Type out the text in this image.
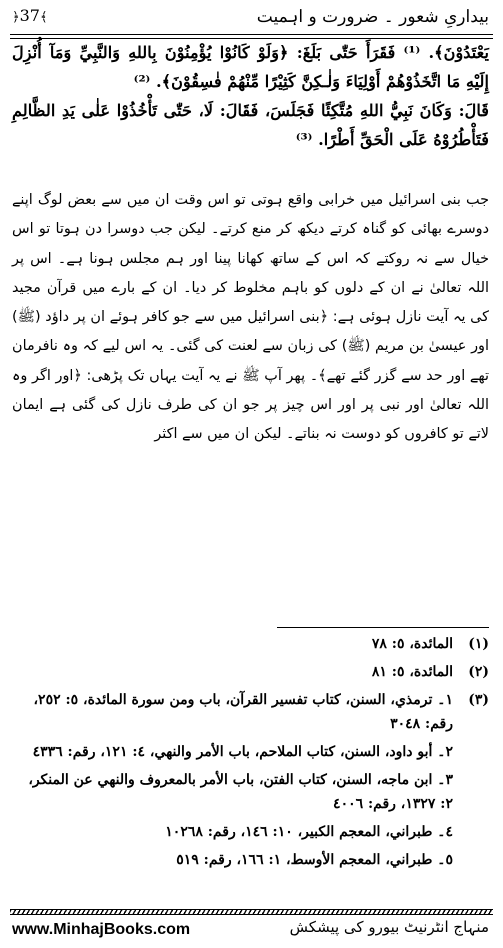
﴿37﴾	بیداریِ شعور ۔ ضرورت و اہمیت

يَعْتَدُوْنَ﴾. ⁽¹⁾ فَقَرَأَ حَتّٰى بَلَغَ: ﴿وَلَوْ كَانُوْا يُؤْمِنُوْنَ بِاللهِ وَالنَّبِيِّ وَمَآ أُنْزِلَ إِلَيْهِ مَا اتَّخَذُوْهُمْ أَوْلِيَاءَ وَلٰـكِنَّ كَثِيْرًا مِّنْهُمْ فٰسِقُوْنَ﴾. ⁽²⁾

قَالَ: وَكَانَ نَبِيُّ اللهِ مُتَّكِئًا فَجَلَسَ، فَقَالَ: لَا، حَتّٰى تَأْخُذُوْا عَلٰى يَدِ الظَّالِمِ فَتَأْطُرُوْهُ عَلَى الْحَقِّ أَطْرًا. ⁽³⁾

جب بنی اسرائیل میں خرابی واقع ہوتی تو اس وقت ان میں سے بعض لوگ اپنے دوسرے بھائی کو گناہ کرتے دیکھ کر منع کرتے۔ لیکن جب دوسرا دن ہوتا تو اس خیال سے نہ روکتے کہ اس کے ساتھ کھانا پینا اور ہم مجلس ہونا ہے۔ اس پر اللہ تعالیٰ نے ان کے دلوں کو باہم مخلوط کر دیا۔ ان کے بارے میں قرآن مجید کی یہ آیت نازل ہوئی ہے: ﴿بنی اسرائیل میں سے جو کافر ہوئے ان پر داؤد (ﷺ) اور عیسیٰ بن مریم (ﷺ) کی زبان سے لعنت کی گئی۔ یہ اس لیے کہ وہ نافرمان تھے اور حد سے گزر گئے تھے﴾۔ پھر آپ ﷺ نے یہ آیت یہاں تک پڑھی: ﴿اور اگر وہ اللہ تعالیٰ اور نبی پر اور اس چیز پر جو ان کی طرف نازل کی گئی ہے ایمان لاتے تو کافروں کو دوست نہ بناتے۔ لیکن ان میں سے اکثر

(١)
المائدة، ٥: ٧٨
(٢)
المائدة، ٥: ٨١
(٣)

١۔ ترمذي، السنن، کتاب تفسير القرآن، باب ومن سورة المائدة، ٥: ٢٥٢، رقم: ٣٠٤٨

٢۔ أبو داود، السنن، کتاب الملاحم، باب الأمر والنهي، ٤: ١٢١، رقم: ٤٣٣٦

٣۔ ابن ماجه، السنن، کتاب الفتن، باب الأمر بالمعروف والنهي عن المنکر، ٢: ١٣٢٧، رقم: ٤٠٠٦

٤۔ طبراني، المعجم الکبير، ١٠: ١٤٦، رقم: ١٠٢٦٨

٥۔ طبراني، المعجم الأوسط، ١: ١٦٦، رقم: ٥١٩

www.MinhajBooks.com	منہاج انٹرنیٹ بیورو کی پیشکش
